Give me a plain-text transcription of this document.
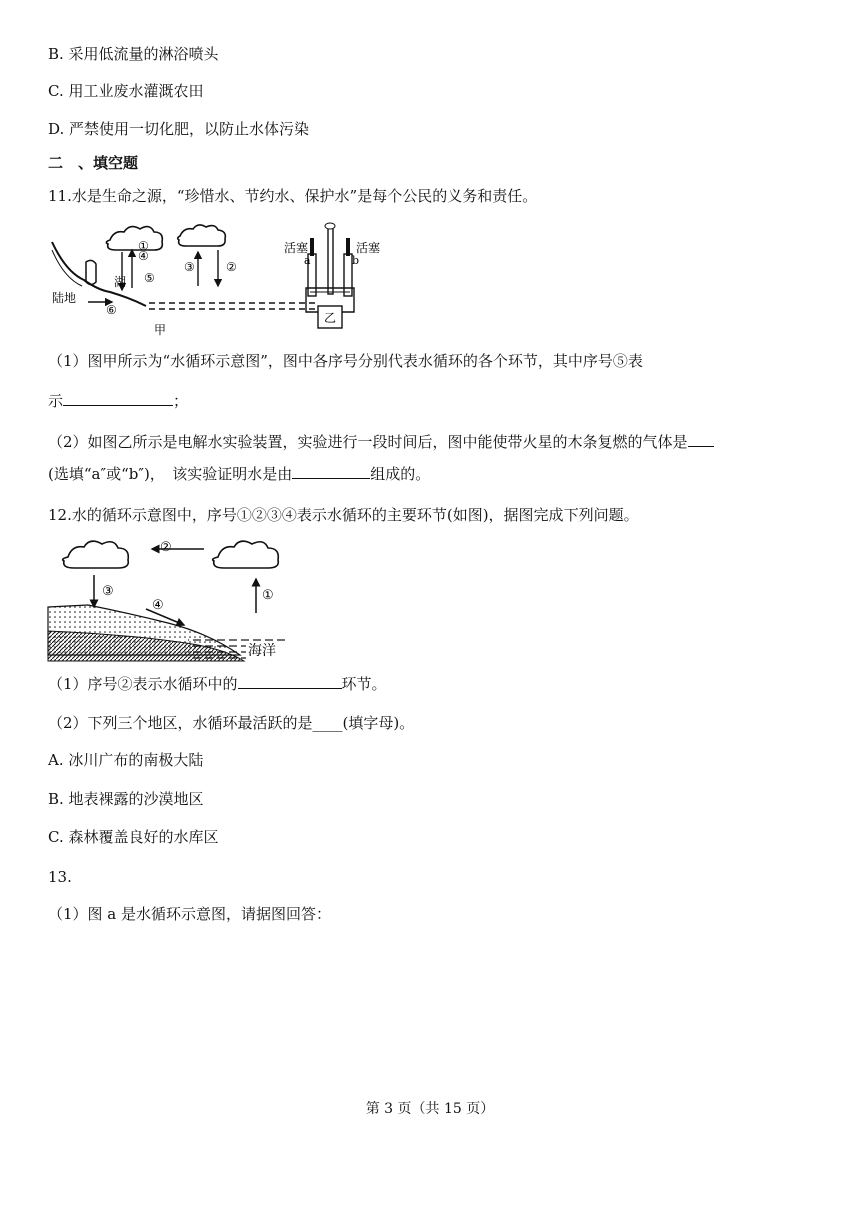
B. 采用低流量的淋浴喷头
C. 用工业废水灌溉农田
D. 严禁使用一切化肥，以防止水体污染
二　、填空题
11.水是生命之源，“珍惜水、节约水、保护水”是每个公民的义务和责任。
①
②
③
④
⑤
⑥
湖
陆地
甲
活塞	活塞
a	b
乙
（1）图甲所示为“水循环示意图”，图中各序号分别代表水循环的各个环节，其中序号⑤表
示	；
（2）如图乙所示是电解水实验装置，实验进行一段时间后，图中能使带火星的木条复燃的气体是
(选填“a″或“b″)，　该实验证明水是由	组成的。
12.水的循环示意图中，序号①②③④表示水循环的主要环节(如图)，据图完成下列问题。
②
③	①
④
海洋
（1）序号②表示水循环中的	环节。
（2）下列三个地区，水循环最活跃的是____(填字母)。
A. 冰川广布的南极大陆
B. 地表裸露的沙漠地区
C. 森林覆盖良好的水库区
13.
（1）图 a 是水循环示意图，请据图回答：
第 3 页（共 15 页）
